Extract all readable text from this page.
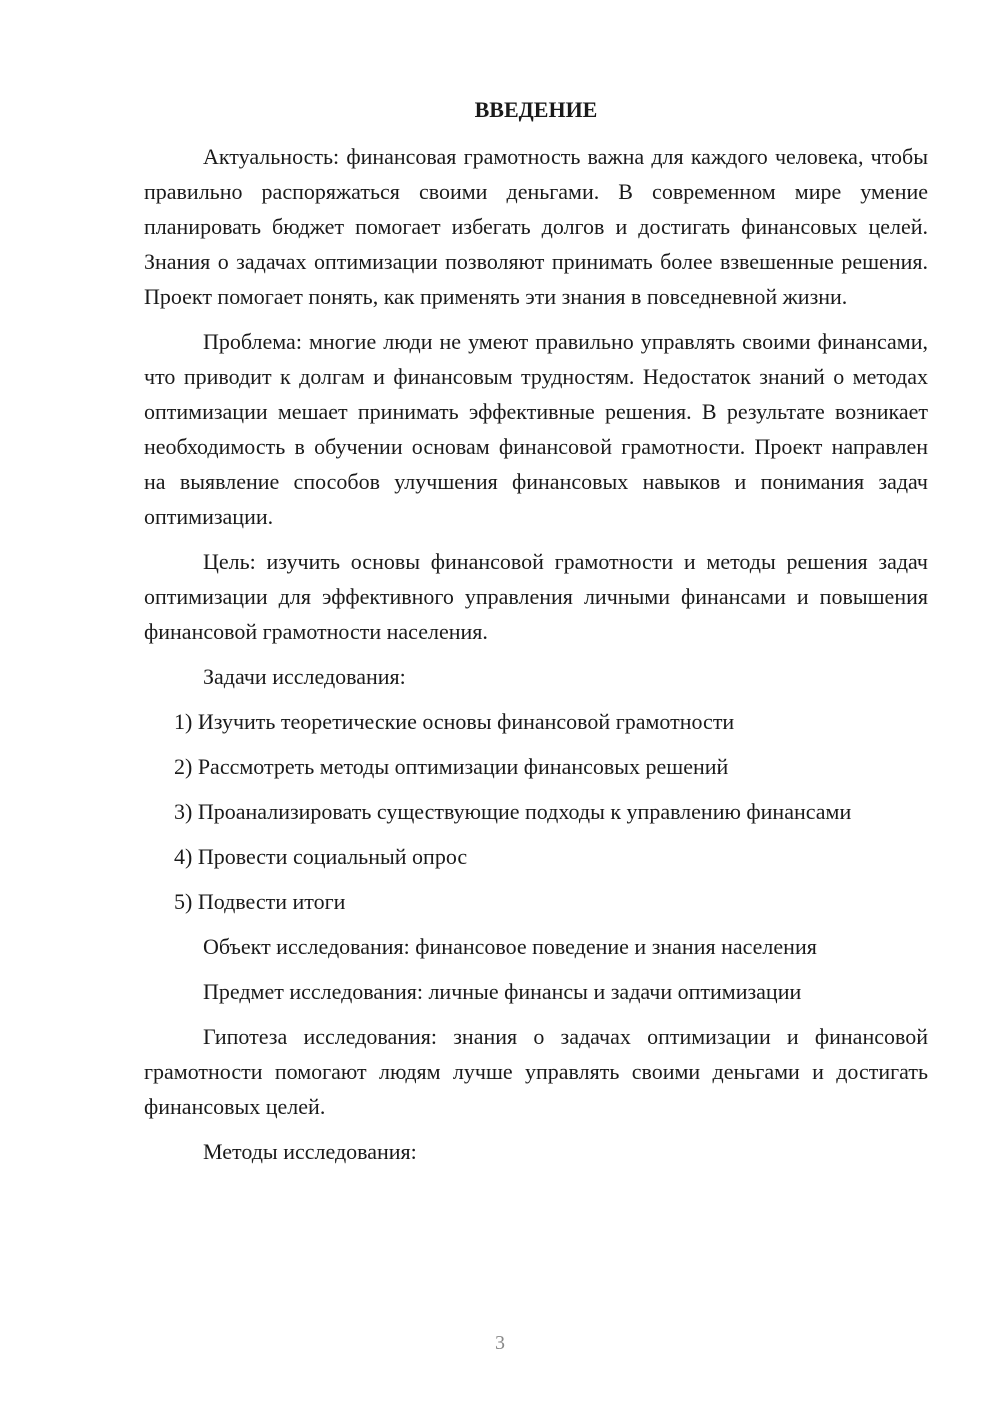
ВВЕДЕНИЕ

Актуальность: финансовая грамотность важна для каждого человека, чтобы правильно распоряжаться своими деньгами. В современном мире умение планировать бюджет помогает избегать долгов и достигать финансовых целей. Знания о задачах оптимизации позволяют принимать более взвешенные решения. Проект помогает понять, как применять эти знания в повседневной жизни.

Проблема: многие люди не умеют правильно управлять своими финансами, что приводит к долгам и финансовым трудностям. Недостаток знаний о методах оптимизации мешает принимать эффективные решения. В результате возникает необходимость в обучении основам финансовой грамотности. Проект направлен на выявление способов улучшения финансовых навыков и понимания задач оптимизации.

Цель: изучить основы финансовой грамотности и методы решения задач оптимизации для эффективного управления личными финансами и повышения финансовой грамотности населения.

Задачи исследования:

1) Изучить теоретические основы финансовой грамотности

2) Рассмотреть методы оптимизации финансовых решений

3) Проанализировать существующие подходы к управлению финансами

4) Провести социальный опрос

5) Подвести итоги

Объект исследования: финансовое поведение и знания населения

Предмет исследования: личные финансы и задачи оптимизации

Гипотеза исследования: знания о задачах оптимизации и финансовой грамотности помогают людям лучше управлять своими деньгами и достигать финансовых целей.

Методы исследования:

3
